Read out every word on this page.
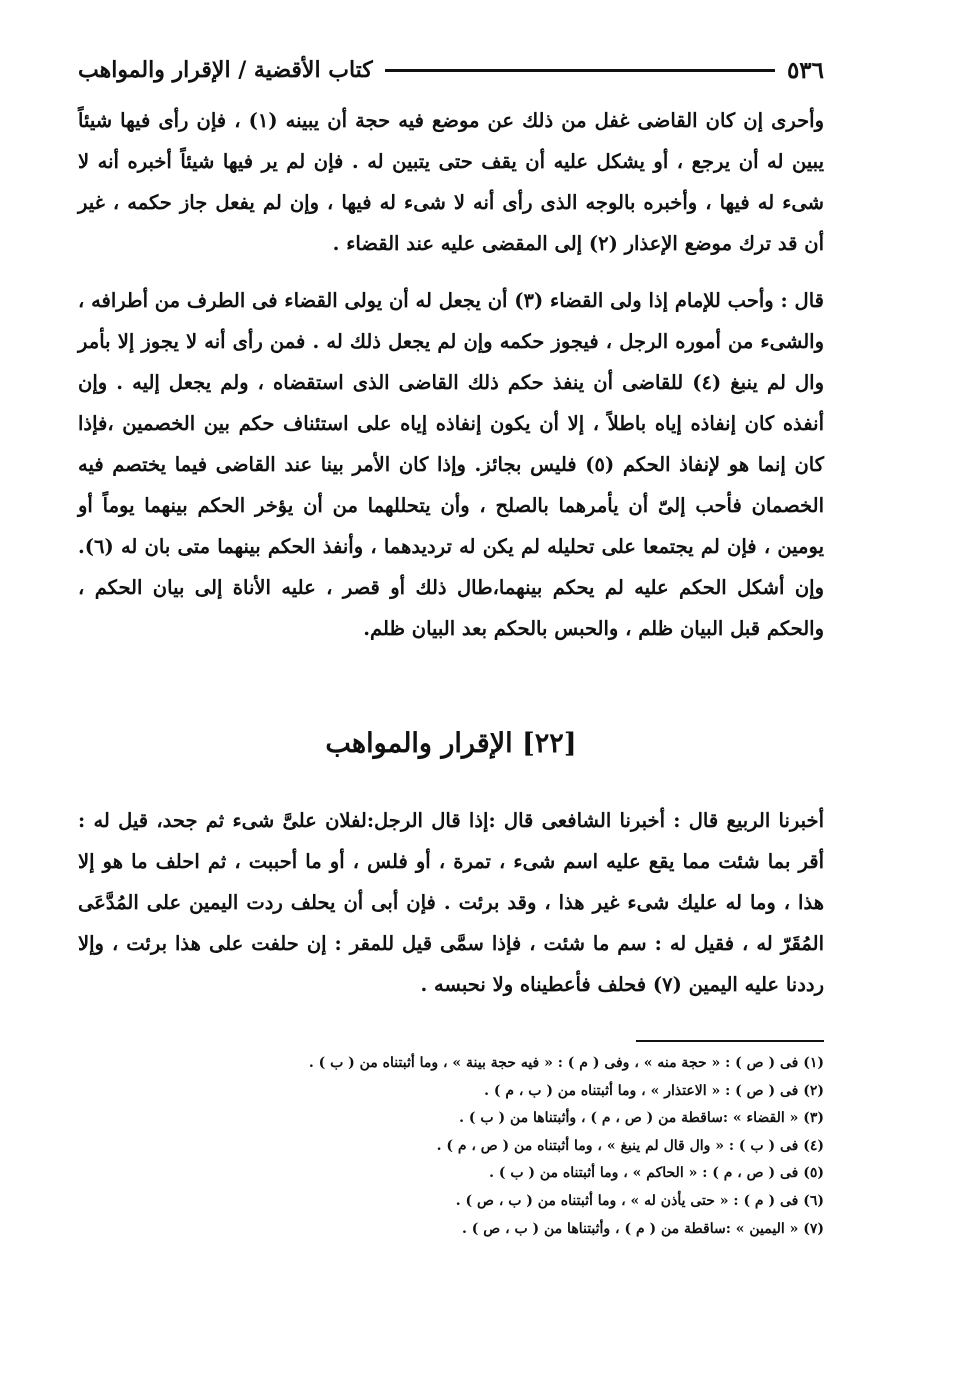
٥٣٦
كتاب الأقضية / الإقرار والمواهب

وأحرى إن كان القاضى غفل من ذلك عن موضع فيه حجة أن يبينه (١) ، فإن رأى فيها شيئاً يبين له أن يرجع ، أو يشكل عليه أن يقف حتى يتبين له . فإن لم ير فيها شيئاً أخبره أنه لا شىء له فيها ، وأخبره بالوجه الذى رأى أنه لا شىء له فيها ، وإن لم يفعل جاز حكمه ، غير أن قد ترك موضع الإعذار (٢) إلى المقضى عليه عند القضاء .

قال : وأحب للإمام إذا ولى القضاء (٣) أن يجعل له أن يولى القضاء فى الطرف من أطرافه ، والشىء من أموره الرجل ، فيجوز حكمه وإن لم يجعل ذلك له . فمن رأى أنه لا يجوز إلا بأمر وال لم ينبغ (٤) للقاضى أن ينفذ حكم ذلك القاضى الذى استقضاه ، ولم يجعل إليه . وإن أنفذه كان إنفاذه إياه باطلاً ، إلا أن يكون إنفاذه إياه على استئناف حكم بين الخصمين ،فإذا كان إنما هو لإنفاذ الحكم (٥) فليس بجائز. وإذا كان الأمر بينا عند القاضى فيما يختصم فيه الخصمان فأحب إلىّ أن يأمرهما بالصلح ، وأن يتحللهما من أن يؤخر الحكم بينهما يوماً أو يومين ، فإن لم يجتمعا على تحليله لم يكن له ترديدهما ، وأنفذ الحكم بينهما متى بان له (٦). وإن أشكل الحكم عليه لم يحكم بينهما،طال ذلك أو قصر ، عليه الأناة إلى بيان الحكم ، والحكم قبل البيان ظلم ، والحبس بالحكم بعد البيان ظلم.

[٢٢] الإقرار والمواهب

أخبرنا الربيع قال : أخبرنا الشافعى قال :إذا قال الرجل:لفلان علىَّ شىء ثم جحد، قيل له : أقر بما شئت مما يقع عليه اسم شىء ، تمرة ، أو فلس ، أو ما أحببت ، ثم احلف ما هو إلا هذا ، وما له عليك شىء غير هذا ، وقد برئت . فإن أبى أن يحلف ردت اليمين على المُدَّعَى المُقَرّ له ، فقيل له : سم ما شئت ، فإذا سمَّى قيل للمقر : إن حلفت على هذا برئت ، وإلا رددنا عليه اليمين (٧) فحلف فأعطيناه ولا نحبسه .

(١) فى ( ص ) : « حجة منه » ، وفى ( م ) : « فيه حجة بينة » ، وما أثبتناه من ( ب ) .
(٢) فى ( ص ) : « الاعتذار » ، وما أثبتناه من ( ب ، م ) .
(٣) « القضاء » :ساقطة من ( ص ، م ) ، وأثبتناها من ( ب ) .
(٤) فى ( ب ) : « وال قال لم ينبغ » ، وما أثبتناه من ( ص ، م ) .
(٥) فى ( ص ، م ) : « الحاكم » ، وما أثبتناه من ( ب ) .
(٦) فى ( م ) : « حتى يأذن له » ، وما أثبتناه من ( ب ، ص ) .
(٧) « اليمين » :ساقطة من ( م ) ، وأثبتناها من ( ب ، ص ) .
